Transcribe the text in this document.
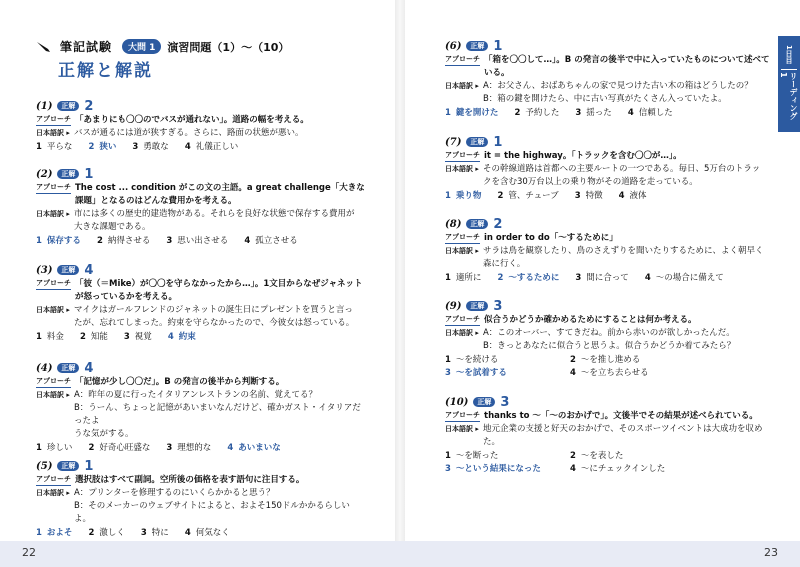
筆記試験	大問 1	演習問題（1）～（10）
正解と解説
(1)	正解 2
アプローチ 「あまりにも〇〇のでバスが通れない」。道路の幅を考える。
日本語訳 ▸ バスが通るには道が狭すぎる。さらに、路面の状態が悪い。
1 平らな 2 狭い 3 勇敢な 4 礼儀正しい
(2)	正解 1
アプローチ The cost ... condition がこの文の主語。a great challenge「大きな課題」となるのはどんな費用かを考える。
日本語訳 ▸ 市には多くの歴史的建造物がある。それらを良好な状態で保存する費用が
大きな課題である。
1 保存する 2 納得させる 3 思い出させる 4 孤立させる
(3)	正解 4
アプローチ 「彼（＝Mike）が〇〇を守らなかったから…」。1文目からなぜジャネットが怒っているかを考える。
日本語訳 ▸ マイクはガールフレンドのジャネットの誕生日にプレゼントを買うと言っ
たが、忘れてしまった。約束を守らなかったので、今彼女は怒っている。
1 料金 2 知能 3 視覚 4 約束
(4)	正解 4
アプローチ 「記憶が少し〇〇だ」。B の発言の後半から判断する。
日本語訳 ▸ A：昨年の夏に行ったイタリアンレストランの名前、覚えてる？
B：うーん、ちょっと記憶があいまいなんだけど、確かガスト・イタリアだったよ
うな気がする。
1 珍しい 2 好奇心旺盛な 3 理想的な 4 あいまいな
(5)	正解 1
アプローチ 選択肢はすべて副詞。空所後の価格を表す語句に注目する。
日本語訳 ▸ A：プリンターを修理するのにいくらかかると思う？
B：そのメーカーのウェブサイトによると、およそ150ドルかかるらしいよ。
1 およそ 2 激しく 3 特に 4 何気なく
(6)	正解 1
アプローチ 「箱を〇〇して…」。B の発言の後半で中に入っていたものについて述べている。
日本語訳 ▸ A：お父さん、おばあちゃんの家で見つけた古い木の箱はどうしたの？
B：箱の鍵を開けたら、中に古い写真がたくさん入っていたよ。
1 鍵を開けた 2 予約した 3 揺った 4 信頼した
(7)	正解 1
アプローチ it = the highway。「トラックを含む〇〇が…」。
日本語訳 ▸ その幹線道路は首都への主要ルートの一つである。毎日、5万台のトラッ
クを含む30万台以上の乗り物がその道路を走っている。
1 乗り物 2 管、チューブ 3 特徴 4 液体
(8)	正解 2
アプローチ in order to do「～するために」
日本語訳 ▸ サラは鳥を観察したり、鳥のさえずりを聞いたりするために、よく朝早く
森に行く。
1 適所に 2 ～するために 3 間に合って 4 ～の場合に備えて
(9)	正解 3
アプローチ 似合うかどうか確かめるためにすることは何か考える。
日本語訳 ▸ A：このオーバー、すてきだね。前から赤いのが欲しかったんだ。
B：きっとあなたに似合うと思うよ。似合うかどうか着てみたら？
1 ～を続ける	2 ～を推し進める
3 ～を試着する	4 ～を立ち去らせる
(10)	正解 3
アプローチ thanks to ～「～のおかげで」。文後半でその結果が述べられている。
日本語訳 ▸ 地元企業の支援と好天のおかげで、そのスポーツイベントは大成功を収め
た。
1 ～を断った	2 ～を表した
3 ～という結果になった	4 ～にチェックインした
1日目
リーディング 1
22	23
